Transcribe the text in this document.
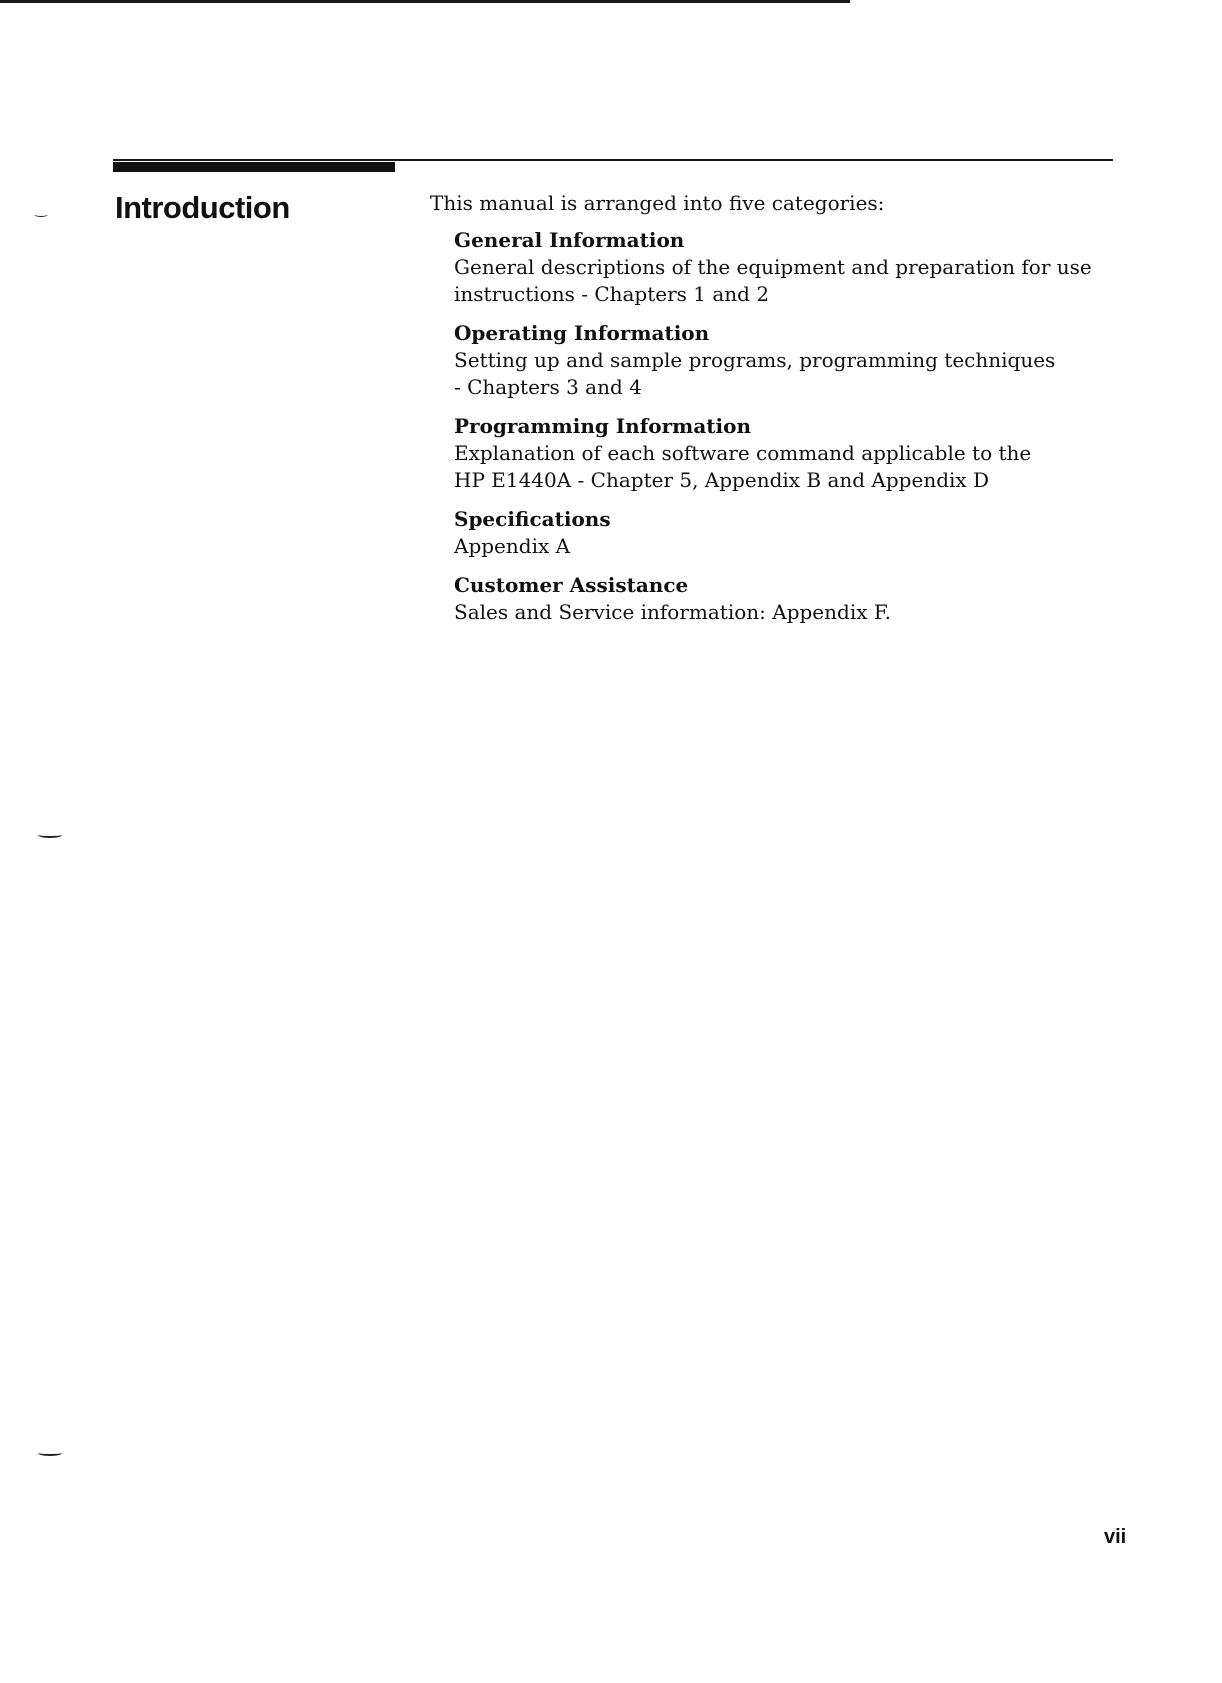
Introduction	This manual is arranged into five categories:

General Information
General descriptions of the equipment and preparation for use
instructions - Chapters 1 and 2
Operating Information
Setting up and sample programs, programming techniques
- Chapters 3 and 4
Programming Information
Explanation of each software command applicable to the
HP E1440A - Chapter 5, Appendix B and Appendix D
Specifications
Appendix A
Customer Assistance
Sales and Service information: Appendix F.
vii
